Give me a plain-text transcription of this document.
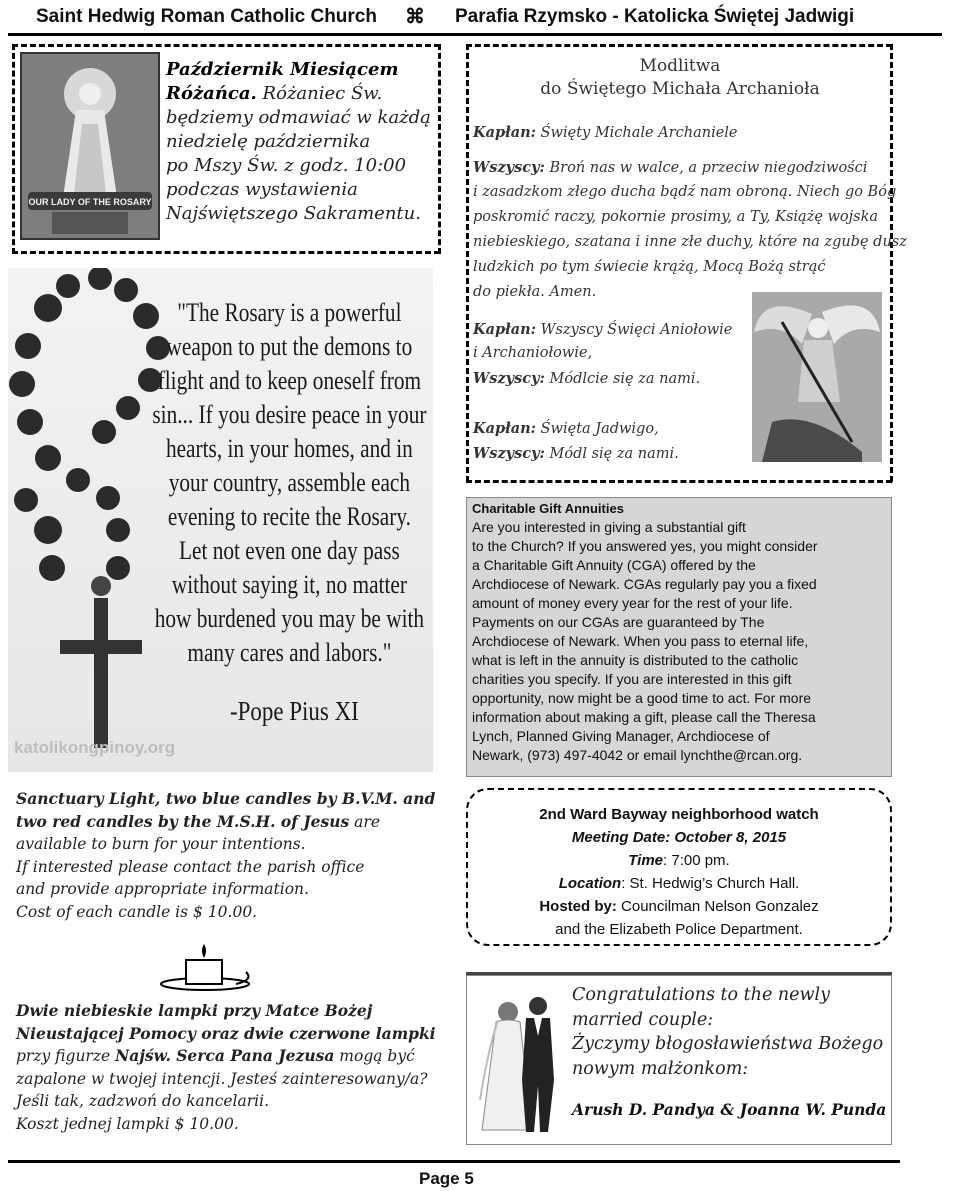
Saint Hedwig Roman Catholic Church ⌘ Parafia Rzymsko - Katolicka Świętej Jadwigi
OUR LADY OF THE ROSARY
Październik Miesiącem
Różańca. Różaniec Św.
będziemy odmawiać w każdą
niedzielę października
po Mszy Św. z godz. 10:00
podczas wystawienia
Najświętszego Sakramentu.
"The Rosary is a powerful
weapon to put the demons to
flight and to keep oneself from
sin... If you desire peace in your
hearts, in your homes, and in
your country, assemble each
evening to recite the Rosary.
Let not even one day pass
without saying it, no matter
how burdened you may be with
many cares and labors."
-Pope Pius XI
katolikongpinoy.org
Sanctuary Light, two blue candles by B.V.M. and
two red candles by the M.S.H. of Jesus are
available to burn for your intentions.
If interested please contact the parish office
and provide appropriate information.
Cost of each candle is $ 10.00.
Dwie niebieskie lampki przy Matce Bożej
Nieustającej Pomocy oraz dwie czerwone lampki
przy figurze Najśw. Serca Pana Jezusa mogą być
zapalone w twojej intencji. Jesteś zainteresowany/a?
Jeśli tak, zadzwoń do kancelarii.
Koszt jednej lampki $ 10.00.
Modlitwa
do Świętego Michała Archanioła
Kapłan: Święty Michale Archaniele
Wszyscy: Broń nas w walce, a przeciw niegodziwości
i zasadzkom złego ducha bądź nam obroną. Niech go Bóg
poskromić raczy, pokornie prosimy, a Ty, Książę wojska
niebieskiego, szatana i inne złe duchy, które na zgubę dusz
ludzkich po tym świecie krążą, Mocą Bożą strąć
do piekła. Amen.
Kapłan: Wszyscy Święci Aniołowie
i Archaniołowie,
Wszyscy: Módlcie się za nami.
Kapłan: Święta Jadwigo,
Wszyscy: Módl się za nami.
Charitable Gift Annuities
Are you interested in giving a substantial gift
to the Church? If you answered yes, you might consider
a Charitable Gift Annuity (CGA) offered by the
Archdiocese of Newark. CGAs regularly pay you a fixed
amount of money every year for the rest of your life.
Payments on our CGAs are guaranteed by The
Archdiocese of Newark. When you pass to eternal life,
what is left in the annuity is distributed to the catholic
charities you specify. If you are interested in this gift
opportunity, now might be a good time to act. For more
information about making a gift, please call the Theresa
Lynch, Planned Giving Manager, Archdiocese of
Newark, (973) 497-4042 or email lynchthe@rcan.org.
2nd Ward Bayway neighborhood watch
Meeting Date: October 8, 2015
Time: 7:00 pm.
Location: St. Hedwig’s Church Hall.
Hosted by: Councilman Nelson Gonzalez
and the Elizabeth Police Department.
Congratulations to the newly
married couple:
Życzymy błogosławieństwa Bożego
nowym małżonkom:
Arush D. Pandya & Joanna W. Punda
Page 5
